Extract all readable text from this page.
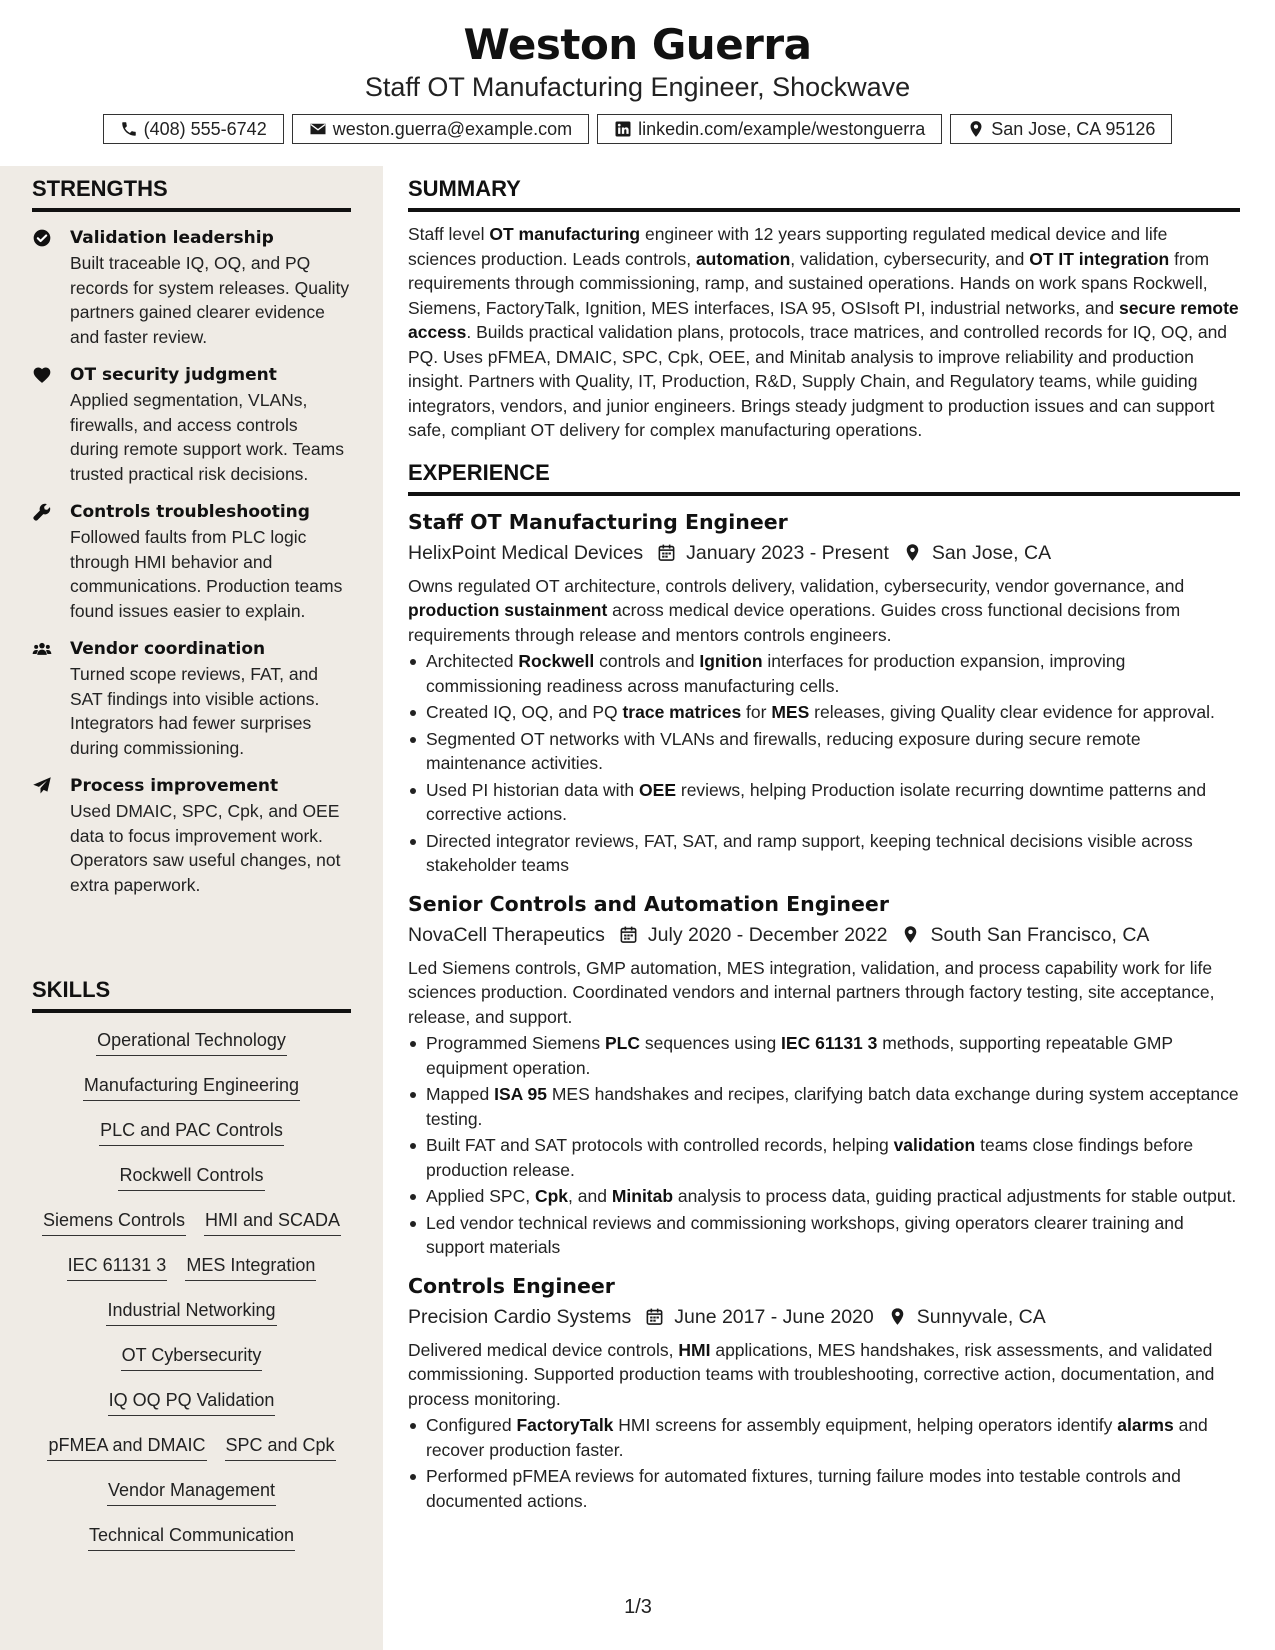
Weston Guerra
Staff OT Manufacturing Engineer, Shockwave
(408) 555-6742	weston.guerra@example.com	linkedin.com/example/westonguerra	San Jose, CA 95126
STRENGTHS
Validation leadership
Built traceable IQ, OQ, and PQ records for system releases. Quality partners gained clearer evidence and faster review.
OT security judgment
Applied segmentation, VLANs, firewalls, and access controls during remote support work. Teams trusted practical risk decisions.
Controls troubleshooting
Followed faults from PLC logic through HMI behavior and communications. Production teams found issues easier to explain.
Vendor coordination
Turned scope reviews, FAT, and SAT findings into visible actions. Integrators had fewer surprises during commissioning.
Process improvement
Used DMAIC, SPC, Cpk, and OEE data to focus improvement work. Operators saw useful changes, not extra paperwork.
SKILLS
Operational Technology
Manufacturing Engineering
PLC and PAC Controls
Rockwell Controls
Siemens Controls HMI and SCADA
IEC 61131 3 MES Integration
Industrial Networking
OT Cybersecurity
IQ OQ PQ Validation
pFMEA and DMAIC SPC and Cpk
Vendor Management
Technical Communication
SUMMARY
Staff level OT manufacturing engineer with 12 years supporting regulated medical device and life sciences production. Leads controls, automation, validation, cybersecurity, and OT IT integration from requirements through commissioning, ramp, and sustained operations. Hands on work spans Rockwell, Siemens, FactoryTalk, Ignition, MES interfaces, ISA 95, OSIsoft PI, industrial networks, and secure remote access. Builds practical validation plans, protocols, trace matrices, and controlled records for IQ, OQ, and PQ. Uses pFMEA, DMAIC, SPC, Cpk, OEE, and Minitab analysis to improve reliability and production insight. Partners with Quality, IT, Production, R&D, Supply Chain, and Regulatory teams, while guiding integrators, vendors, and junior engineers. Brings steady judgment to production issues and can support safe, compliant OT delivery for complex manufacturing operations.
EXPERIENCE
Staff OT Manufacturing Engineer
HelixPoint Medical Devices January 2023 - Present San Jose, CA
Owns regulated OT architecture, controls delivery, validation, cybersecurity, vendor governance, and production sustainment across medical device operations. Guides cross functional decisions from requirements through release and mentors controls engineers.
Architected Rockwell controls and Ignition interfaces for production expansion, improving commissioning readiness across manufacturing cells.
Created IQ, OQ, and PQ trace matrices for MES releases, giving Quality clear evidence for approval.
Segmented OT networks with VLANs and firewalls, reducing exposure during secure remote maintenance activities.
Used PI historian data with OEE reviews, helping Production isolate recurring downtime patterns and corrective actions.
Directed integrator reviews, FAT, SAT, and ramp support, keeping technical decisions visible across stakeholder teams
Senior Controls and Automation Engineer
NovaCell Therapeutics July 2020 - December 2022 South San Francisco, CA
Led Siemens controls, GMP automation, MES integration, validation, and process capability work for life sciences production. Coordinated vendors and internal partners through factory testing, site acceptance, release, and support.
Programmed Siemens PLC sequences using IEC 61131 3 methods, supporting repeatable GMP equipment operation.
Mapped ISA 95 MES handshakes and recipes, clarifying batch data exchange during system acceptance testing.
Built FAT and SAT protocols with controlled records, helping validation teams close findings before production release.
Applied SPC, Cpk, and Minitab analysis to process data, guiding practical adjustments for stable output.
Led vendor technical reviews and commissioning workshops, giving operators clearer training and support materials
Controls Engineer
Precision Cardio Systems June 2017 - June 2020 Sunnyvale, CA
Delivered medical device controls, HMI applications, MES handshakes, risk assessments, and validated commissioning. Supported production teams with troubleshooting, corrective action, documentation, and process monitoring.
Configured FactoryTalk HMI screens for assembly equipment, helping operators identify alarms and recover production faster.
Performed pFMEA reviews for automated fixtures, turning failure modes into testable controls and documented actions.
1/3
